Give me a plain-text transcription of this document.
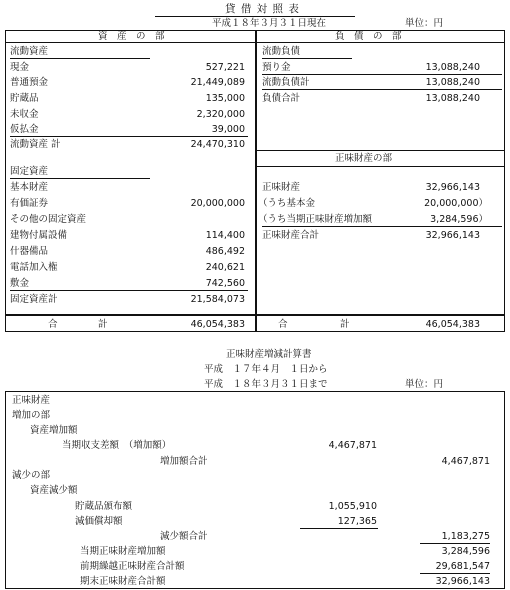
貸 借 対 照 表
平成１８年３月３１日現在	単位：円
資　産　の　部	負　債　の　部
流動資産
現金	527,221
普通預金	21,449,089
貯蔵品	135,000
未収金	2,320,000
仮払金	39,000
流動資産 計	24,470,310
固定資産
基本財産
有価証券	20,000,000
その他の固定資産
建物付属設備	114,400
什器備品	486,492
電話加入権	240,621
敷金	742,560
固定資産計	21,584,073
合	計	46,054,383
流動負債
預り金	13,088,240
流動負債計	13,088,240
負債合計	13,088,240
正味財産の部
正味財産	32,966,143
（うち基本金	20,000,000）
（うち当期正味財産増加額	3,284,596）
正味財産合計	32,966,143
合	計	46,054,383
正味財産増減計算書
平成　１７年４月　１日から
平成　１８年３月３１日まで	単位：円
正味財産
増加の部
資産増加額
当期収支差額　（増加額）	4,467,871
増加額合計	4,467,871
減少の部
資産減少額
貯蔵品頒布額	1,055,910
減価償却額	127,365
減少額合計	1,183,275
当期正味財産増加額	3,284,596
前期繰越正味財産合計額	29,681,547
期末正味財産合計額	32,966,143
